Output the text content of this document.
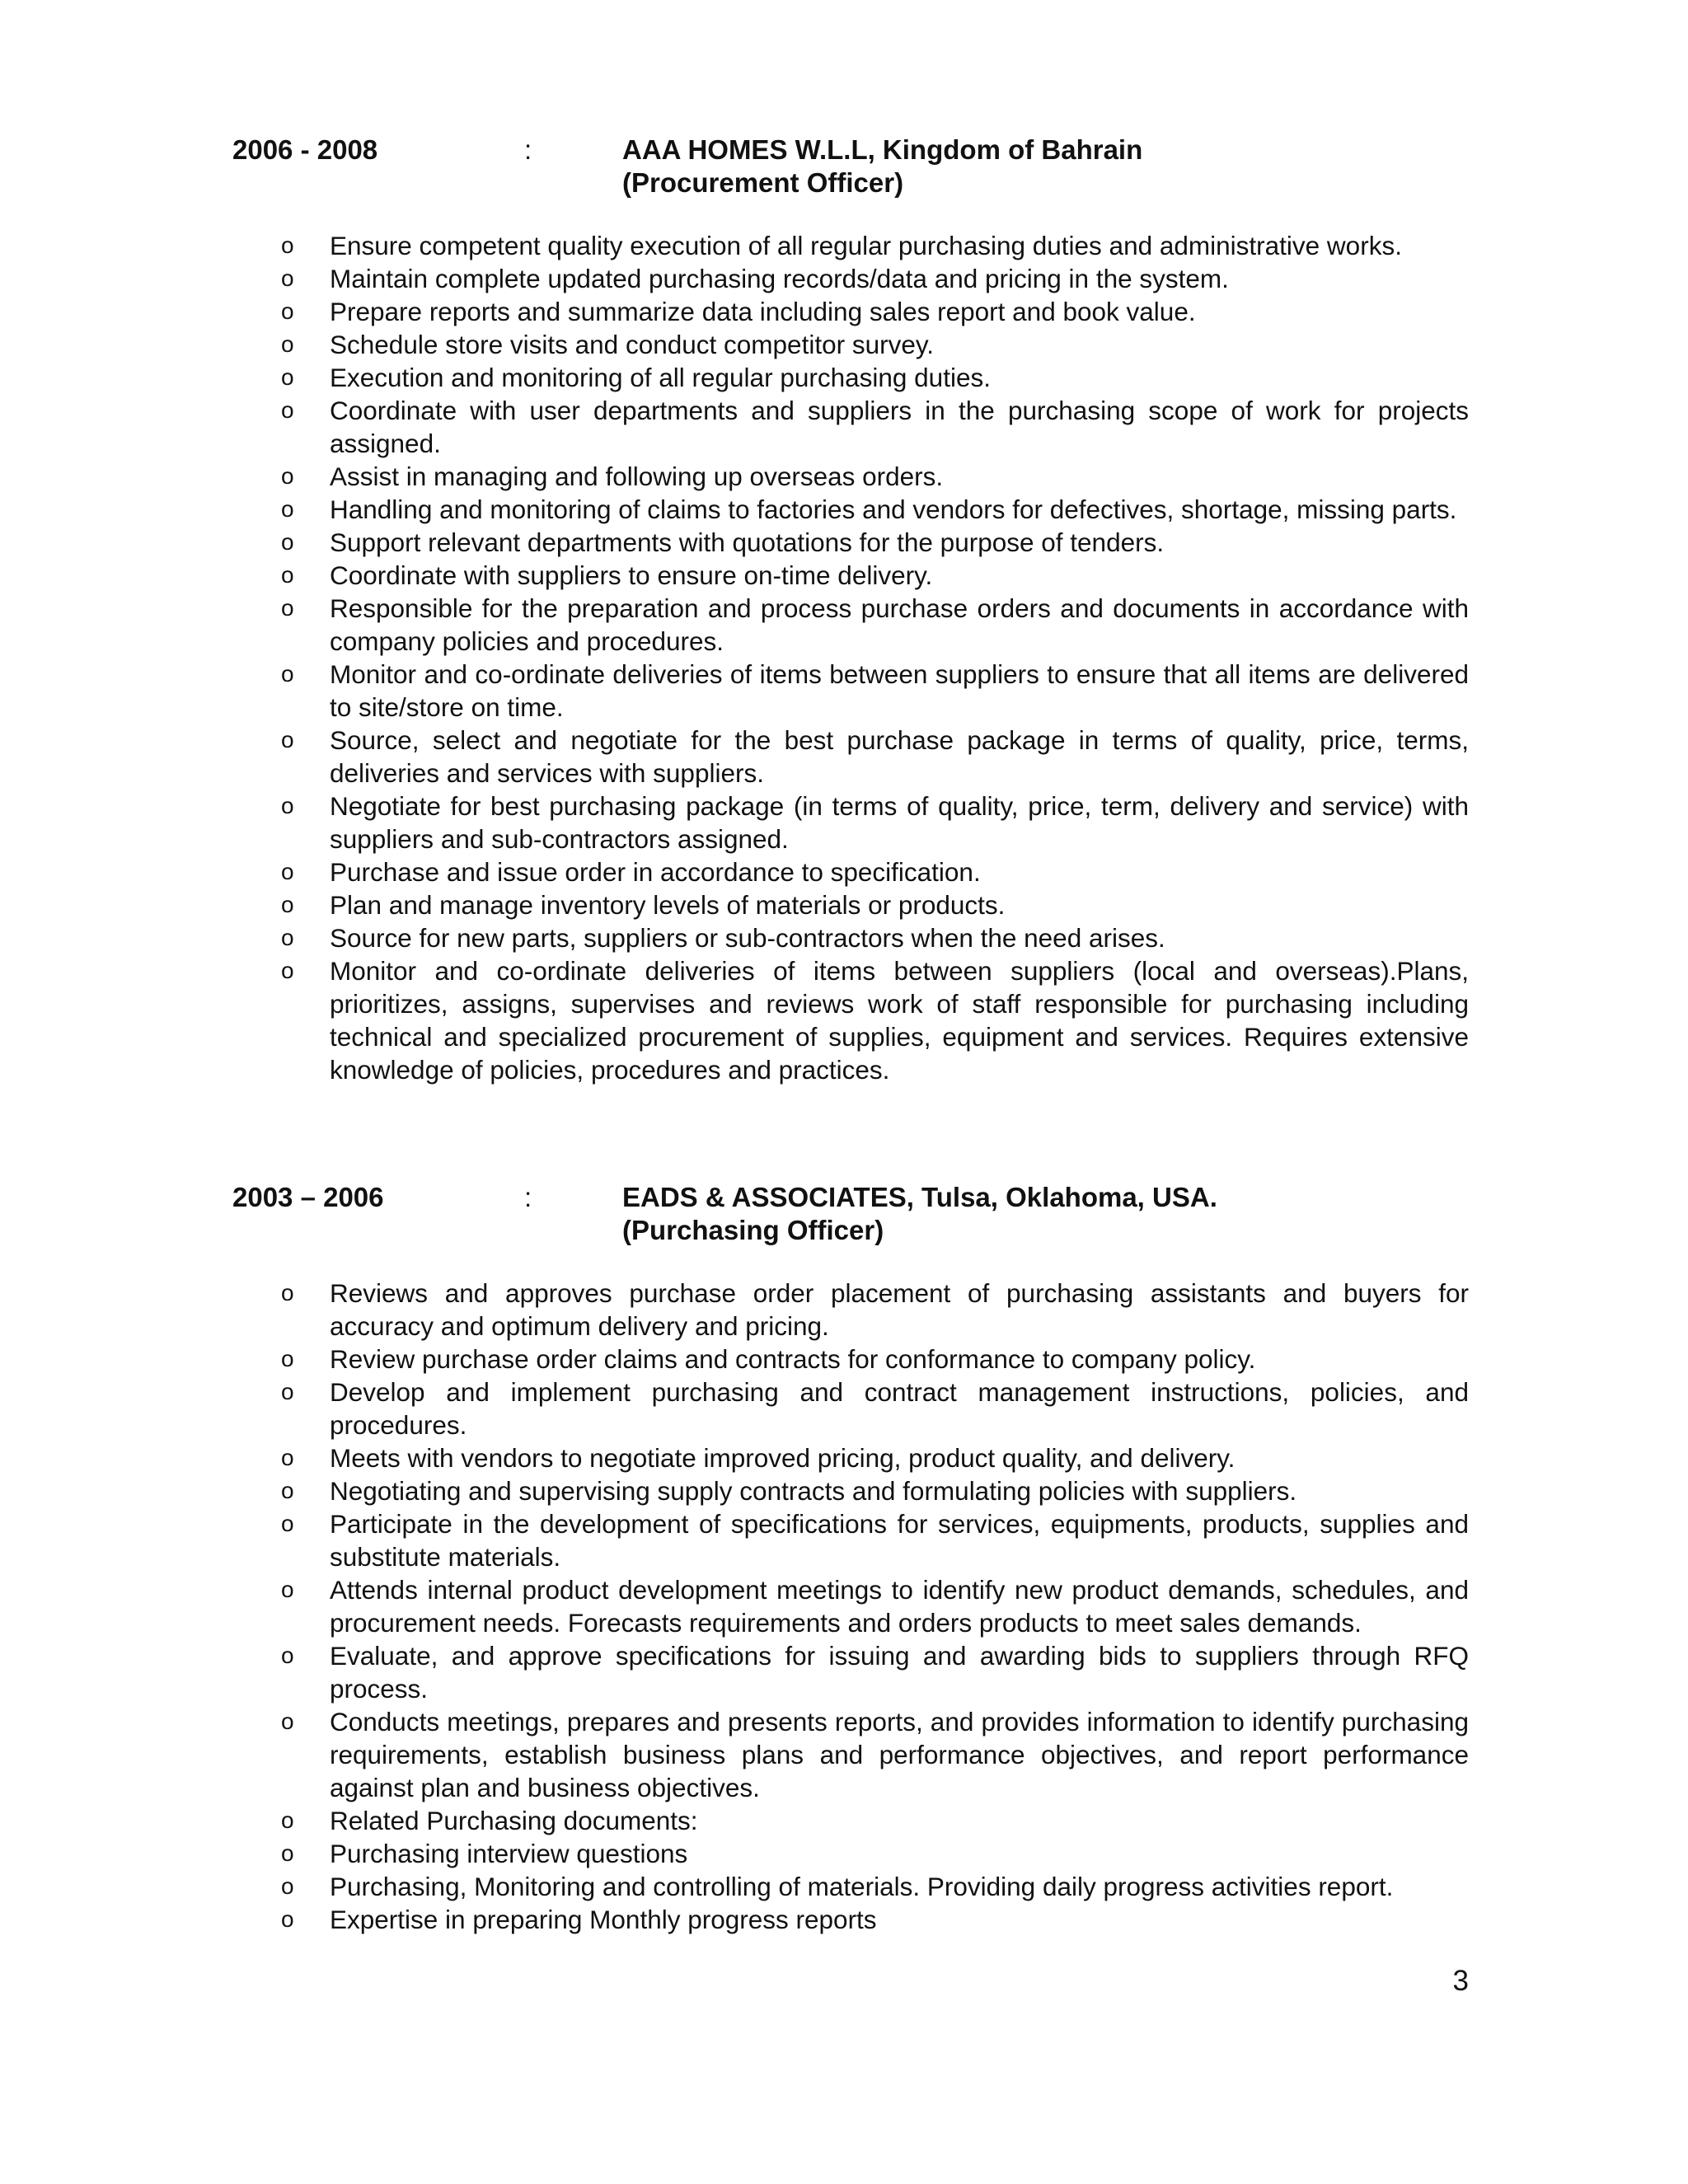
2006 - 2008	:	AAA HOMES W.L.L, Kingdom of Bahrain
(Procurement Officer)
o Ensure competent quality execution of all regular purchasing duties and administrative works.
o Maintain complete updated purchasing records/data and pricing in the system.
o Prepare reports and summarize data including sales report and book value.
o Schedule store visits and conduct competitor survey.
o Execution and monitoring of all regular purchasing duties.
o Coordinate with user departments and suppliers in the purchasing scope of work for projects assigned.
o Assist in managing and following up overseas orders.
o Handling and monitoring of claims to factories and vendors for defectives, shortage, missing parts.
o Support relevant departments with quotations for the purpose of tenders.
o Coordinate with suppliers to ensure on-time delivery.
o Responsible for the preparation and process purchase orders and documents in accordance with company policies and procedures.
o Monitor and co-ordinate deliveries of items between suppliers to ensure that all items are delivered to site/store on time.
o Source, select and negotiate for the best purchase package in terms of quality, price, terms, deliveries and services with suppliers.
o Negotiate for best purchasing package (in terms of quality, price, term, delivery and service) with suppliers and sub-contractors assigned.
o Purchase and issue order in accordance to specification.
o Plan and manage inventory levels of materials or products.
o Source for new parts, suppliers or sub-contractors when the need arises.
o Monitor and co-ordinate deliveries of items between suppliers (local and overseas).Plans, prioritizes, assigns, supervises and reviews work of staff responsible for purchasing including technical and specialized procurement of supplies, equipment and services. Requires extensive knowledge of policies, procedures and practices.
2003 – 2006	:	EADS & ASSOCIATES, Tulsa, Oklahoma, USA.
(Purchasing Officer)
o Reviews and approves purchase order placement of purchasing assistants and buyers for accuracy and optimum delivery and pricing.
o Review purchase order claims and contracts for conformance to company policy.
o Develop and implement purchasing and contract management instructions, policies, and procedures.
o Meets with vendors to negotiate improved pricing, product quality, and delivery.
o Negotiating and supervising supply contracts and formulating policies with suppliers.
o Participate in the development of specifications for services, equipments, products, supplies and substitute materials.
o Attends internal product development meetings to identify new product demands, schedules, and procurement needs. Forecasts requirements and orders products to meet sales demands.
o Evaluate, and approve specifications for issuing and awarding bids to suppliers through RFQ process.
o Conducts meetings, prepares and presents reports, and provides information to identify purchasing requirements, establish business plans and performance objectives, and report performance against plan and business objectives.
o Related Purchasing documents:
o Purchasing interview questions
o Purchasing, Monitoring and controlling of materials. Providing daily progress activities report.
o Expertise in preparing Monthly progress reports
3
